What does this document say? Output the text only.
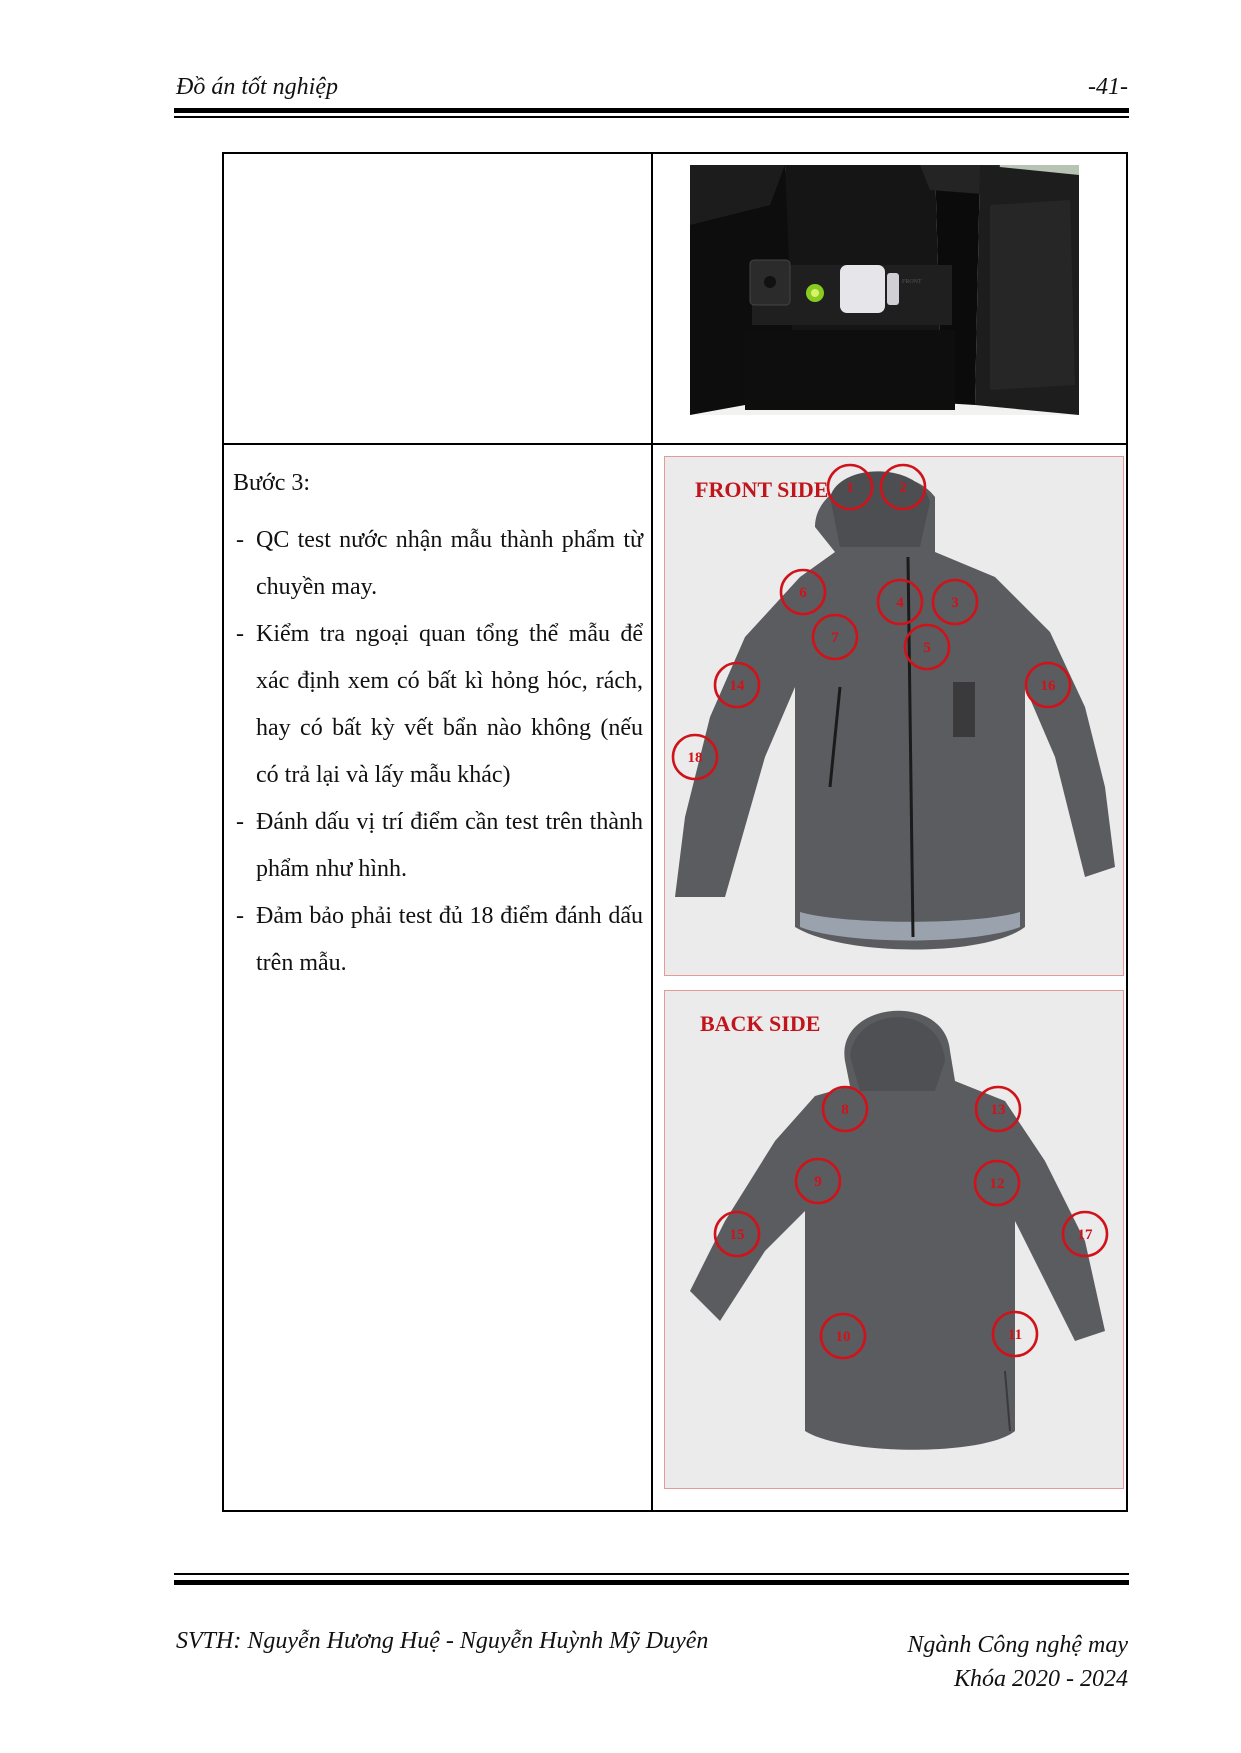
Đồ án tốt nghiệp	-41-
FRONT
Bước 3:
- QC test nước nhận mẫu thành phẩm từ chuyền may.
- Kiểm tra ngoại quan tổng thể mẫu để xác định xem có bất kì hỏng hóc, rách, hay có bất kỳ vết bẩn nào không (nếu có trả lại và lấy mẫu khác)
- Đánh dấu vị trí điểm cần test trên thành phẩm như hình.
- Đảm bảo phải test đủ 18 điểm đánh dấu trên mẫu.
FRONT SIDE 1	2
6
4	3
7
5
14	16
18
BACK SIDE
8	13
9	12
15	17
10	11
SVTH: Nguyễn Hương Huệ - Nguyễn Huỳnh Mỹ Duyên	Ngành Công nghệ may
Khóa 2020 - 2024
